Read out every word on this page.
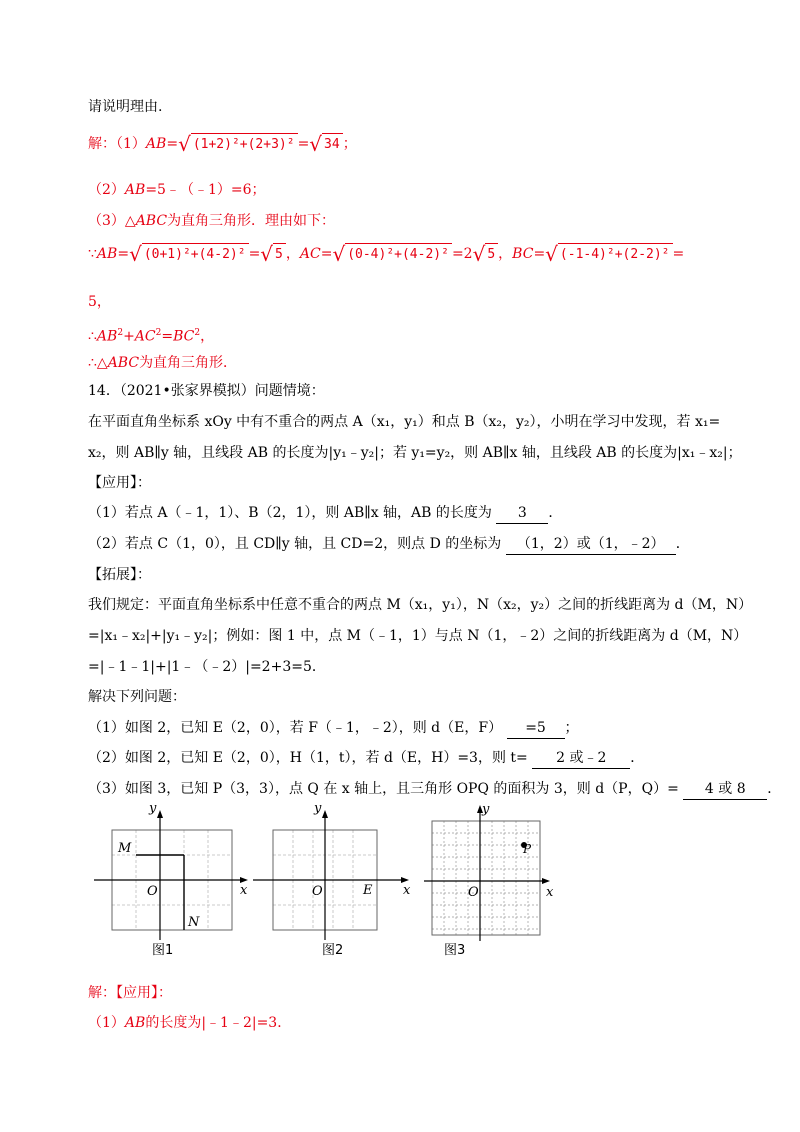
请说明理由.
解：（1）AB=√ (1+2)²+(2+3)² =√ 34 ；
（2）AB=5﹣（﹣1）=6；
（3）△ABC为直角三角形．理由如下：
∵AB=√ (0+1)²+(4-2)² =√ 5 ，AC=√ (0-4)²+(4-2)² =2√ 5 ，BC=√ (-1-4)²+(2-2)² =
5，
$\therefore AB^2+AC^2=BC^2$，
∴△ABC为直角三角形．
14．（2021•张家界模拟）问题情境：
在平面直角坐标系 xOy 中有不重合的两点 A（x₁，y₁）和点 B（x₂，y₂），小明在学习中发现，若 x₁=
x₂，则 AB∥y 轴，且线段 AB 的长度为|y₁﹣y₂|；若 y₁=y₂，则 AB∥x 轴，且线段 AB 的长度为|x₁﹣x₂|；
【应用】：
（1）若点 A（﹣1，1）、B（2，1），则 AB∥x 轴，AB 的长度为 3 ．
（2）若点 C（1，0），且 CD∥y 轴，且 CD=2，则点 D 的坐标为 （1，2）或（1，﹣2） ．
【拓展】：
我们规定：平面直角坐标系中任意不重合的两点 M（x₁，y₁），N（x₂，y₂）之间的折线距离为 d（M，N）
=|x₁﹣x₂|+|y₁﹣y₂|；例如：图 1 中，点 M（﹣1，1）与点 N（1，﹣2）之间的折线距离为 d（M，N）
=|﹣1﹣1|+|1﹣（﹣2）|=2+3=5．
解决下列问题：
（1）如图 2，已知 E（2，0），若 F（﹣1，﹣2），则 d（E，F） =5 ；
（2）如图 2，已知 E（2，0），H（1，t），若 d（E，H）=3，则 t= 2 或﹣2 ．
（3）如图 3，已知 P（3，3），点 Q 在 x 轴上，且三角形 OPQ 的面积为 3，则 d（P，Q）= 4 或 8 ．
y
x
O
M
N
图1
y
x
O	E
图2
y
x
O
P
图3
解：【应用】：
（1）AB的长度为|﹣1﹣2|=3．
